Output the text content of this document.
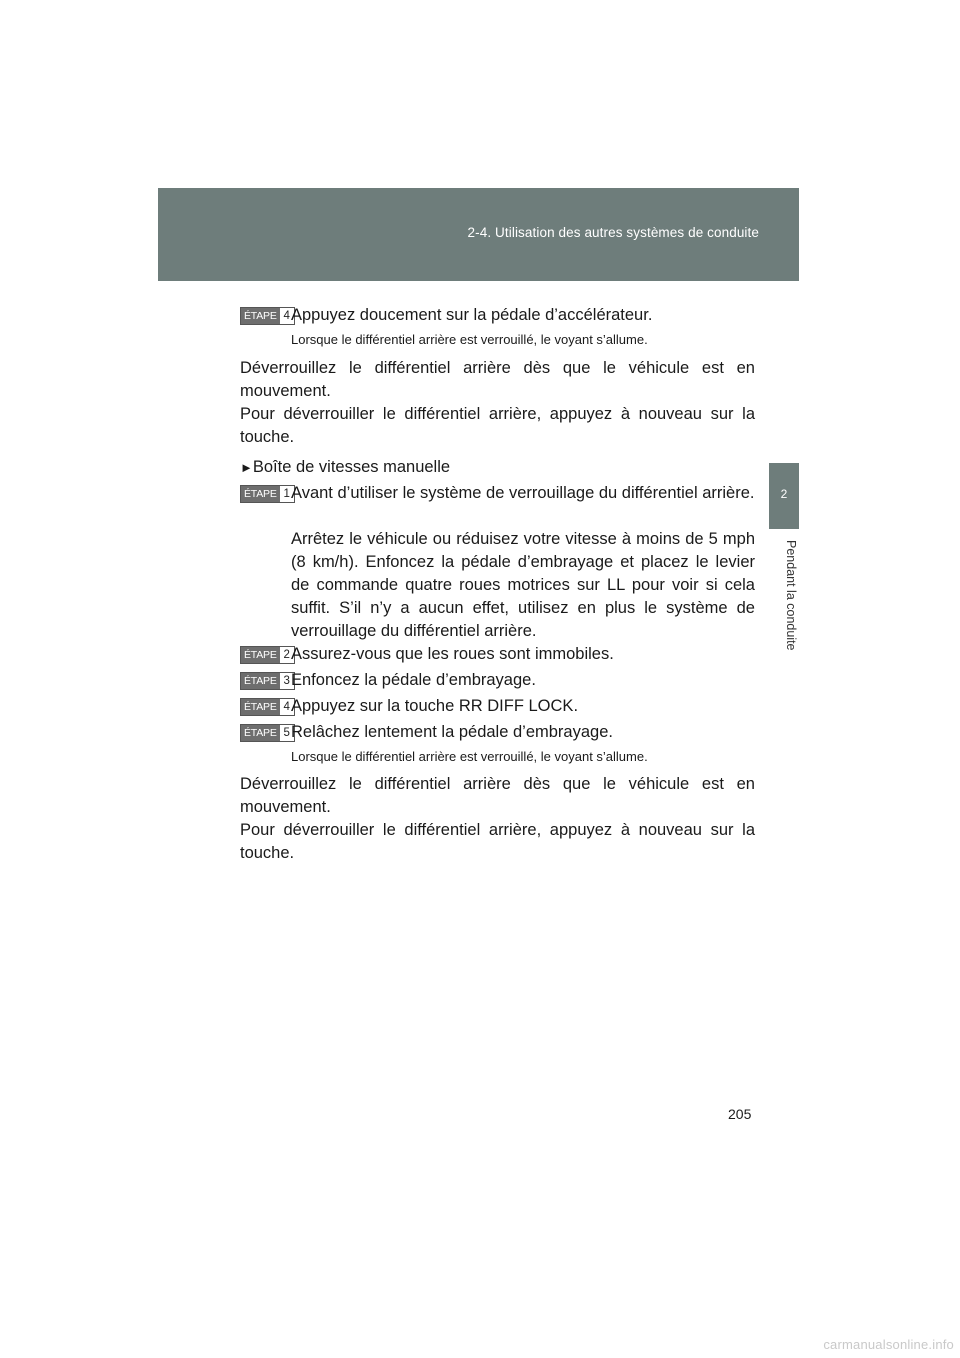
2-4. Utilisation des autres systèmes de conduite
2
Pendant la conduite
ÉTAPE 4 Appuyez doucement sur la pédale d’accélérateur.
Lorsque le différentiel arrière est verrouillé, le voyant s’allume.
Déverrouillez le différentiel arrière dès que le véhicule est en mouvement.
Pour déverrouiller le différentiel arrière, appuyez à nouveau sur la touche.
►Boîte de vitesses manuelle
ÉTAPE 1 Avant d’utiliser le système de verrouillage du différentiel arrière.
Arrêtez le véhicule ou réduisez votre vitesse à moins de 5 mph (8 km/h). Enfoncez la pédale d’embrayage et placez le levier de commande quatre roues motrices sur LL pour voir si cela suffit. S’il n’y a aucun effet, utilisez en plus le système de verrouillage du différentiel arrière.
ÉTAPE 2 Assurez-vous que les roues sont immobiles.
ÉTAPE 3 Enfoncez la pédale d’embrayage.
ÉTAPE 4 Appuyez sur la touche RR DIFF LOCK.
ÉTAPE 5 Relâchez lentement la pédale d’embrayage.
Lorsque le différentiel arrière est verrouillé, le voyant s’allume.
Déverrouillez le différentiel arrière dès que le véhicule est en mouvement.
Pour déverrouiller le différentiel arrière, appuyez à nouveau sur la touche.
205
carmanualsonline.info
